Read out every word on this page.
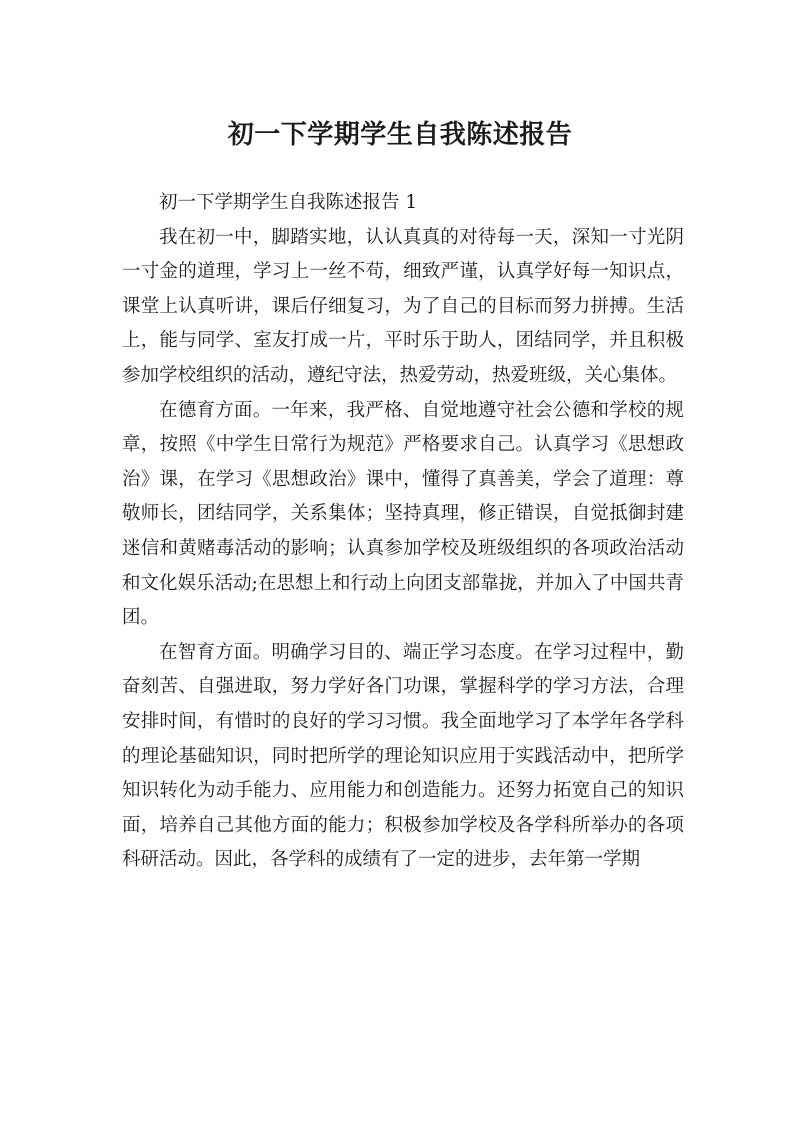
初一下学期学生自我陈述报告

初一下学期学生自我陈述报告 1

我在初一中，脚踏实地，认认真真的对待每一天，深知一寸光阴一寸金的道理，学习上一丝不苟，细致严谨，认真学好每一知识点，课堂上认真听讲，课后仔细复习，为了自己的目标而努力拼搏。生活上，能与同学、室友打成一片，平时乐于助人，团结同学，并且积极参加学校组织的活动，遵纪守法，热爱劳动，热爱班级，关心集体。

在德育方面。一年来，我严格、自觉地遵守社会公德和学校的规章，按照《中学生日常行为规范》严格要求自己。认真学习《思想政治》课，在学习《思想政治》课中，懂得了真善美，学会了道理：尊敬师长，团结同学，关系集体；坚持真理，修正错误，自觉抵御封建迷信和黄赌毒活动的影响；认真参加学校及班级组织的各项政治活动和文化娱乐活动;在思想上和行动上向团支部靠拢，并加入了中国共青团。

在智育方面。明确学习目的、端正学习态度。在学习过程中，勤奋刻苦、自强进取，努力学好各门功课，掌握科学的学习方法，合理安排时间，有惜时的良好的学习习惯。我全面地学习了本学年各学科的理论基础知识，同时把所学的理论知识应用于实践活动中，把所学知识转化为动手能力、应用能力和创造能力。还努力拓宽自己的知识面，培养自己其他方面的能力；积极参加学校及各学科所举办的各项科研活动。因此，各学科的成绩有了一定的进步，去年第一学期
